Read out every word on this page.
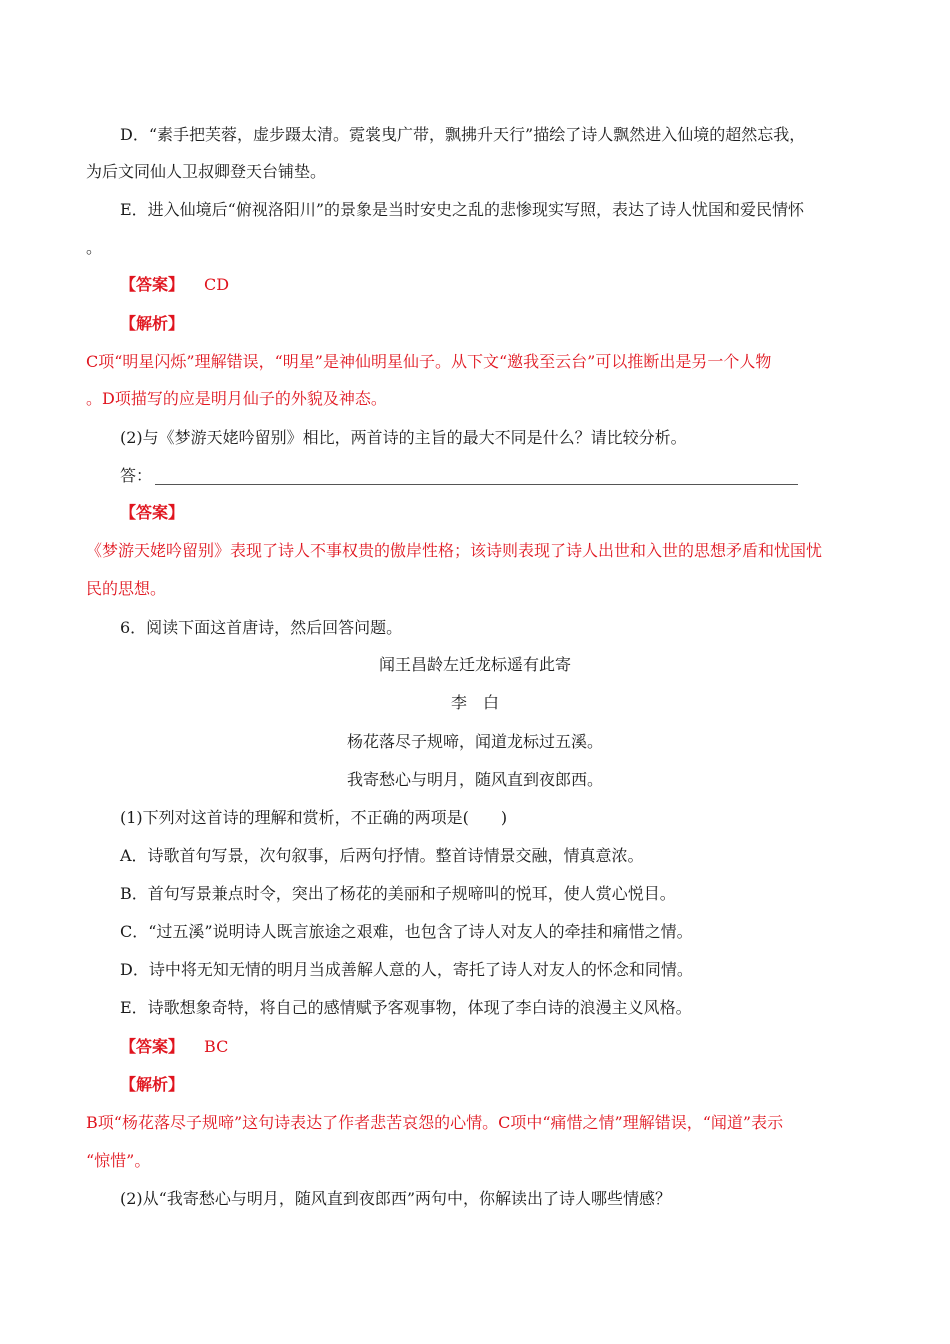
D．“素手把芙蓉，虚步蹑太清。霓裳曳广带，飘拂升天行”描绘了诗人飘然进入仙境的超然忘我，
为后文同仙人卫叔卿登天台铺垫。
E．进入仙境后“俯视洛阳川”的景象是当时安史之乱的悲惨现实写照，表达了诗人忧国和爱民情怀
。
【答案】 CD
【解析】
C项“明星闪烁”理解错误，“明星”是神仙明星仙子。从下文“邀我至云台”可以推断出是另一个人物
。D项描写的应是明月仙子的外貌及神态。
(2)与《梦游天姥吟留别》相比，两首诗的主旨的最大不同是什么？请比较分析。
答：
【答案】
《梦游天姥吟留别》表现了诗人不事权贵的傲岸性格；该诗则表现了诗人出世和入世的思想矛盾和忧国忧
民的思想。
6．阅读下面这首唐诗，然后回答问题。
闻王昌龄左迁龙标遥有此寄
李　白
杨花落尽子规啼，闻道龙标过五溪。
我寄愁心与明月，随风直到夜郎西。
(1)下列对这首诗的理解和赏析，不正确的两项是(　　)
A．诗歌首句写景，次句叙事，后两句抒情。整首诗情景交融，情真意浓。
B．首句写景兼点时令，突出了杨花的美丽和子规啼叫的悦耳，使人赏心悦目。
C．“过五溪”说明诗人既言旅途之艰难，也包含了诗人对友人的牵挂和痛惜之情。
D．诗中将无知无情的明月当成善解人意的人，寄托了诗人对友人的怀念和同情。
E．诗歌想象奇特，将自己的感情赋予客观事物，体现了李白诗的浪漫主义风格。
【答案】 BC
【解析】
B项“杨花落尽子规啼”这句诗表达了作者悲苦哀怨的心情。C项中“痛惜之情”理解错误，“闻道”表示
“惊惜”。
(2)从“我寄愁心与明月，随风直到夜郎西”两句中，你解读出了诗人哪些情感？
